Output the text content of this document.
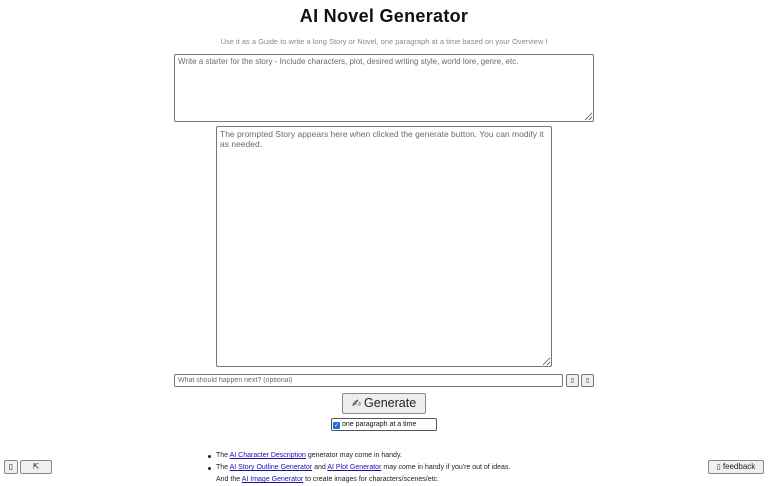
AI Novel Generator
Use it as a Guide to write a long Story or Novel, one paragraph at a time based on your Overview !
Write a starter for the story - Include characters, plot, desired writing style, world lore, genre, etc.
The prompted Story appears here when clicked the generate button. You can modify it as needed.
What should happen next? (optional)
▯	▯
✍ Generate
✓ one paragraph at a time
The AI Character Description generator may come in handy.
The AI Story Outline Generator and AI Plot Generator may come in handy if you're out of ideas.
And the AI Image Generator to create images for characters/scenes/etc.
▯	⇱	▯ feedback
